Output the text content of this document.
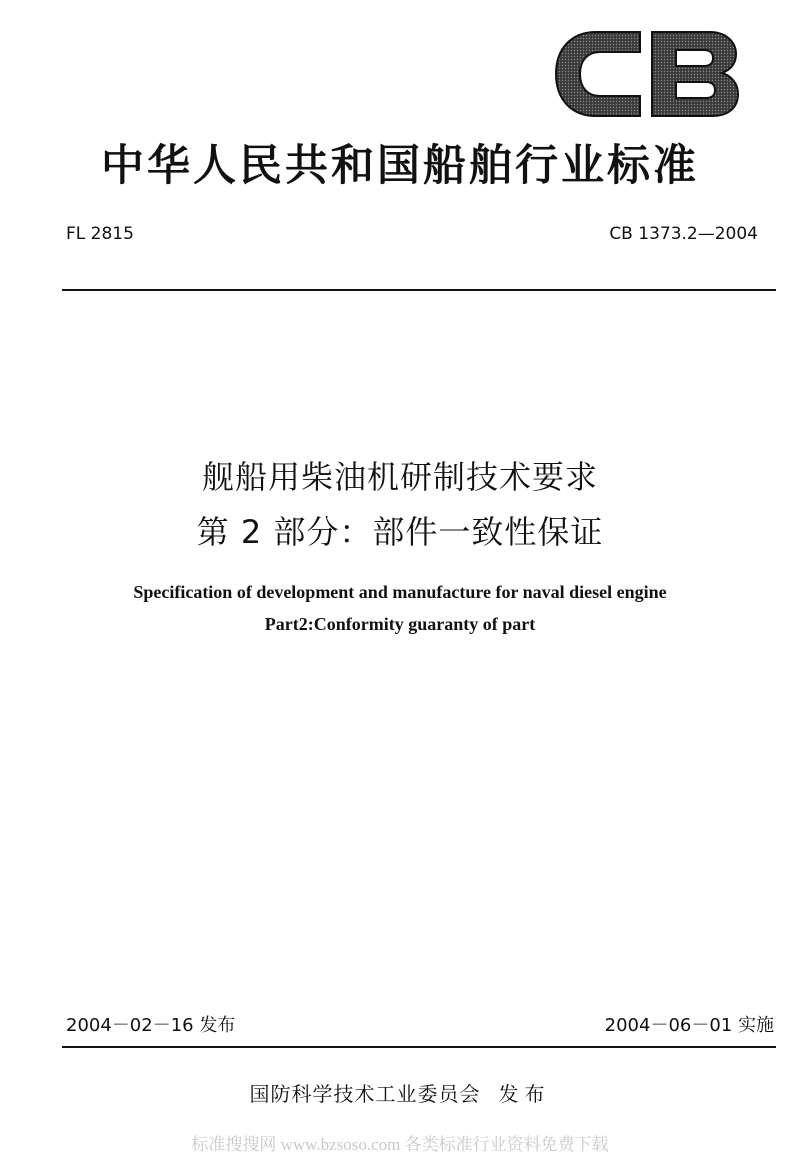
中华人民共和国船舶行业标准
FL 2815	CB 1373.2—2004
舰船用柴油机研制技术要求
第 2 部分：部件一致性保证
Specification of development and manufacture for naval diesel engine
Part2:Conformity guaranty of part
2004－02－16 发布	2004－06－01 实施
国防科学技术工业委员会 发布
标准搜搜网 www.bzsoso.com 各类标准行业资料免费下载
